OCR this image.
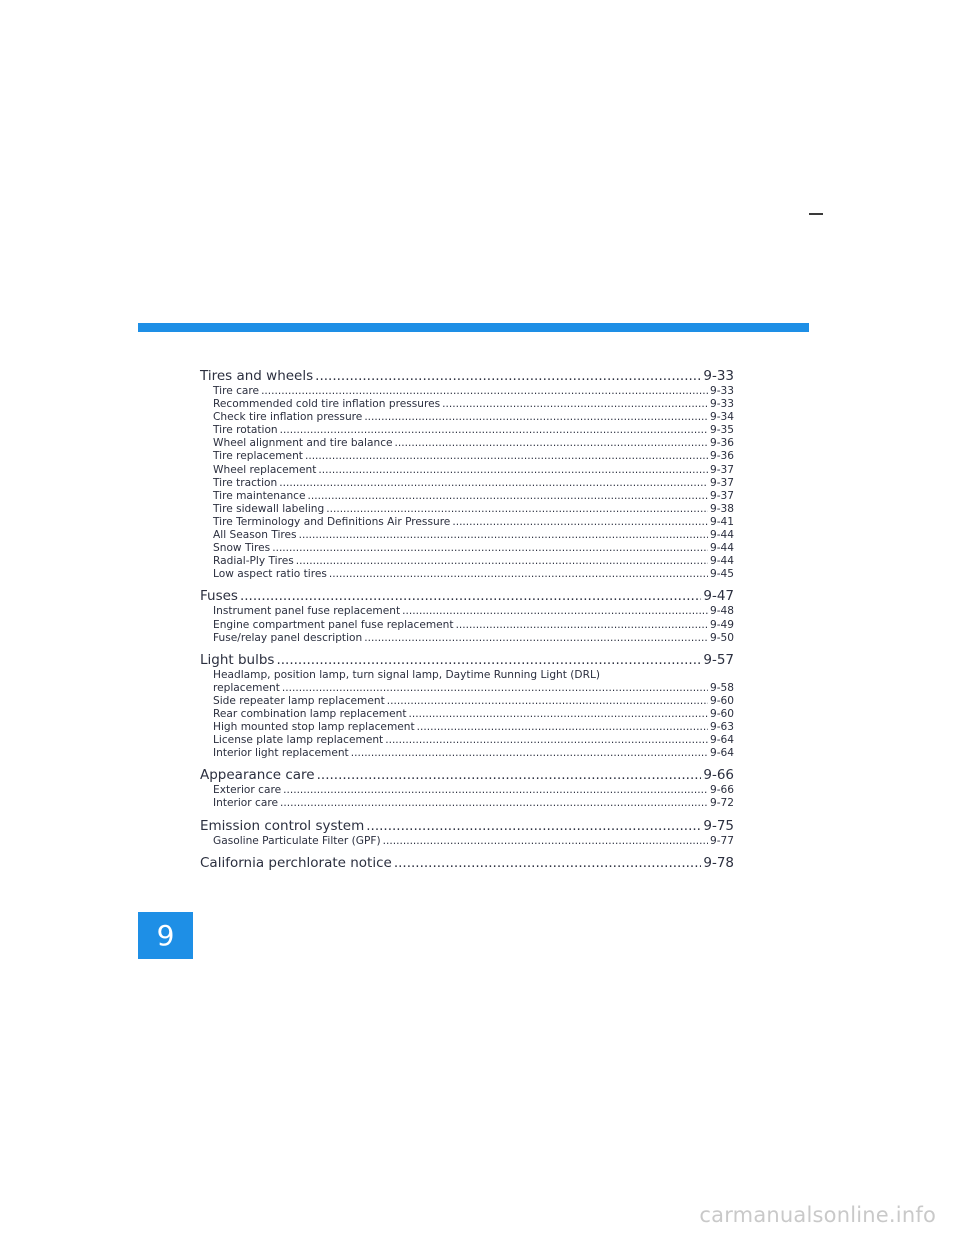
Tires and wheels .....	9-33
Tire care .....	9-33
Recommended cold tire inflation pressures .....	9-33
Check tire inflation pressure .....	9-34
Tire rotation .....	9-35
Wheel alignment and tire balance .....	9-36
Tire replacement .....	9-36
Wheel replacement .....	9-37
Tire traction .....	9-37
Tire maintenance .....	9-37
Tire sidewall labeling .....	9-38
Tire Terminology and Definitions Air Pressure .....	9-41
All Season Tires .....	9-44
Snow Tires .....	9-44
Radial-Ply Tires .....	9-44
Low aspect ratio tires .....	9-45
Fuses .....	9-47
Instrument panel fuse replacement .....	9-48
Engine compartment panel fuse replacement .....	9-49
Fuse/relay panel description .....	9-50
Light bulbs .....	9-57
Headlamp, position lamp, turn signal lamp, Daytime Running Light (DRL)
replacement .....	9-58
Side repeater lamp replacement .....	9-60
Rear combination lamp replacement .....	9-60
High mounted stop lamp replacement .....	9-63
License plate lamp replacement .....	9-64
Interior light replacement .....	9-64
Appearance care .....	9-66
Exterior care .....	9-66
Interior care .....	9-72
Emission control system .....	9-75
Gasoline Particulate Filter (GPF) .....	9-77
California perchlorate notice .....	9-78
9
carmanualsonline.info
